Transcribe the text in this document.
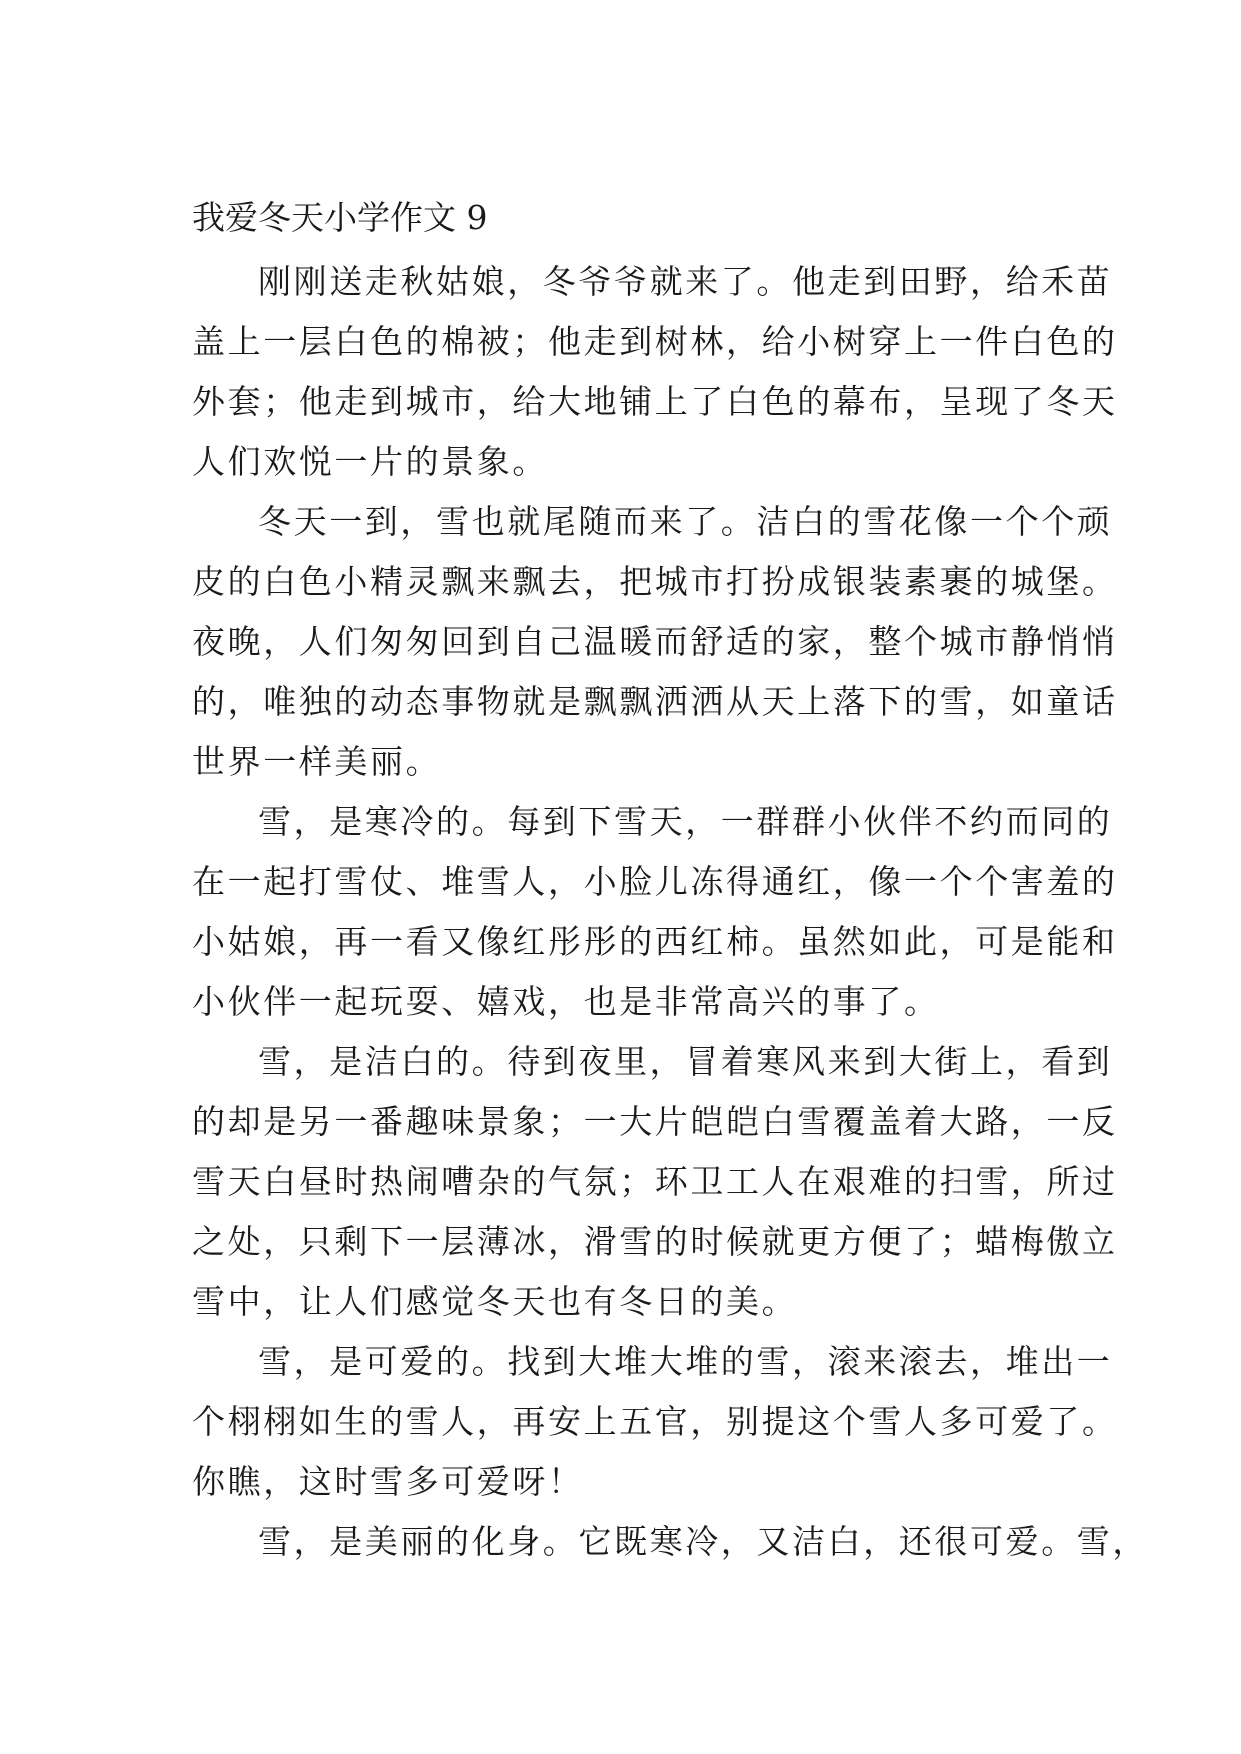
我爱冬天小学作文 9
刚刚送走秋姑娘，冬爷爷就来了。他走到田野，给禾苗
盖上一层白色的棉被；他走到树林，给小树穿上一件白色的
外套；他走到城市，给大地铺上了白色的幕布，呈现了冬天
人们欢悦一片的景象。
冬天一到，雪也就尾随而来了。洁白的雪花像一个个顽
皮的白色小精灵飘来飘去，把城市打扮成银装素裹的城堡。
夜晚，人们匆匆回到自己温暖而舒适的家，整个城市静悄悄
的，唯独的动态事物就是飘飘洒洒从天上落下的雪，如童话
世界一样美丽。
雪，是寒冷的。每到下雪天，一群群小伙伴不约而同的
在一起打雪仗、堆雪人，小脸儿冻得通红，像一个个害羞的
小姑娘，再一看又像红彤彤的西红柿。虽然如此，可是能和
小伙伴一起玩耍、嬉戏，也是非常高兴的事了。
雪，是洁白的。待到夜里，冒着寒风来到大街上，看到
的却是另一番趣味景象；一大片皑皑白雪覆盖着大路，一反
雪天白昼时热闹嘈杂的气氛；环卫工人在艰难的扫雪，所过
之处，只剩下一层薄冰，滑雪的时候就更方便了；蜡梅傲立
雪中，让人们感觉冬天也有冬日的美。
雪，是可爱的。找到大堆大堆的雪，滚来滚去，堆出一
个栩栩如生的雪人，再安上五官，别提这个雪人多可爱了。
你瞧，这时雪多可爱呀！
雪，是美丽的化身。它既寒冷，又洁白，还很可爱。雪，
